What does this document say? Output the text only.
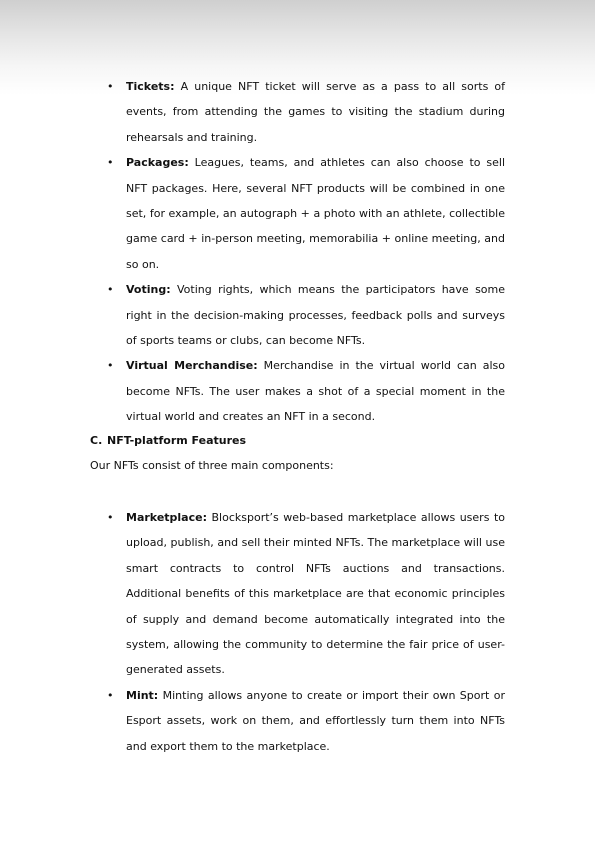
• Tickets: A unique NFT ticket will serve as a pass to all sorts of events, from attending the games to visiting the stadium during rehearsals and training.
• Packages: Leagues, teams, and athletes can also choose to sell NFT packages. Here, several NFT products will be combined in one set, for example, an autograph + a photo with an athlete, collectible game card + in-person meeting, memorabilia + online meeting, and so on.
• Voting: Voting rights, which means the participators have some right in the decision-making processes, feedback polls and surveys of sports teams or clubs, can become NFTs.
• Virtual Merchandise: Merchandise in the virtual world can also become NFTs. The user makes a shot of a special moment in the virtual world and creates an NFT in a second.
C. NFT-platform Features

Our NFTs consist of three main components:

• Marketplace: Blocksport’s web-based marketplace allows users to upload, publish, and sell their minted NFTs. The marketplace will use smart contracts to control NFTs auctions and transactions. Additional benefits of this marketplace are that economic principles of supply and demand become automatically integrated into the system, allowing the community to determine the fair price of user-generated assets.
• Mint: Minting allows anyone to create or import their own Sport or Esport assets, work on them, and effortlessly turn them into NFTs and export them to the marketplace.
